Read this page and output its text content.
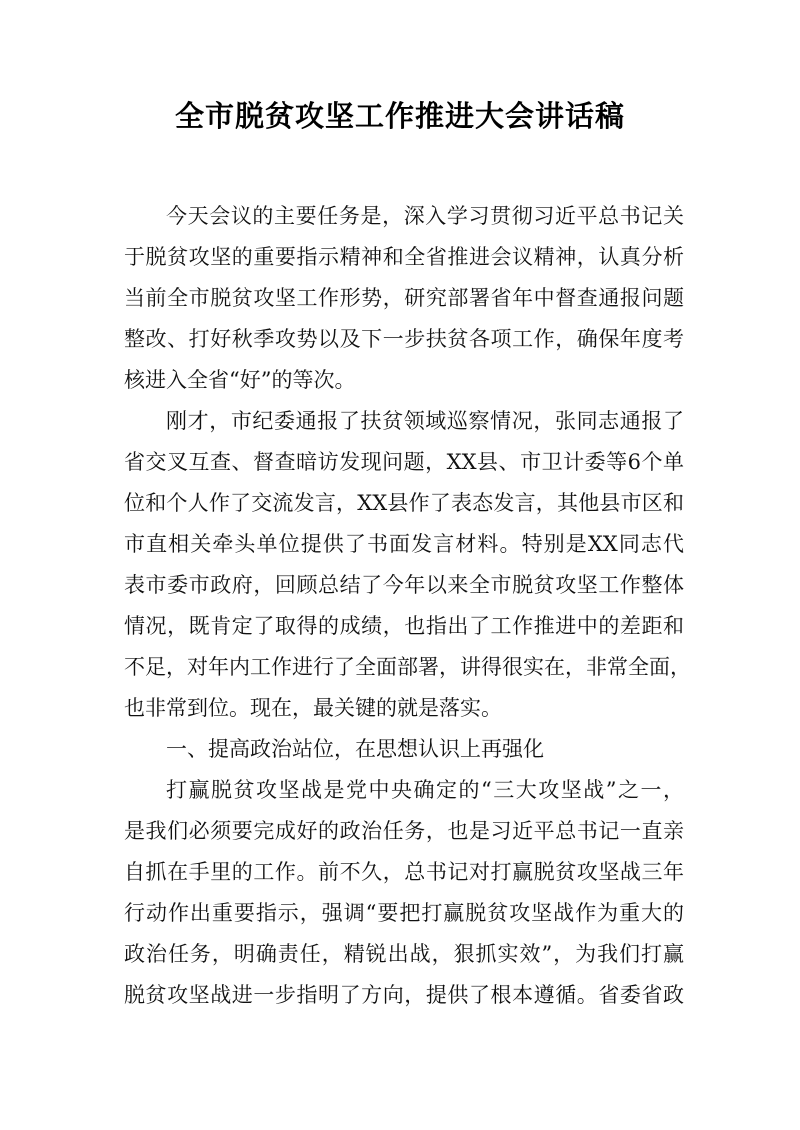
全市脱贫攻坚工作推进大会讲话稿
今天会议的主要任务是，深入学习贯彻习近平总书记关
于脱贫攻坚的重要指示精神和全省推进会议精神，认真分析
当前全市脱贫攻坚工作形势，研究部署省年中督查通报问题
整改、打好秋季攻势以及下一步扶贫各项工作，确保年度考
核进入全省“好”的等次。
刚才，市纪委通报了扶贫领域巡察情况，张同志通报了
省交叉互查、督查暗访发现问题，XX县、市卫计委等6个单
位和个人作了交流发言，XX县作了表态发言，其他县市区和
市直相关牵头单位提供了书面发言材料。特别是XX同志代
表市委市政府，回顾总结了今年以来全市脱贫攻坚工作整体
情况，既肯定了取得的成绩，也指出了工作推进中的差距和
不足，对年内工作进行了全面部署，讲得很实在，非常全面，
也非常到位。现在，最关键的就是落实。
一、提高政治站位，在思想认识上再强化
打赢脱贫攻坚战是党中央确定的“三大攻坚战”之一，
是我们必须要完成好的政治任务，也是习近平总书记一直亲
自抓在手里的工作。前不久，总书记对打赢脱贫攻坚战三年
行动作出重要指示，强调“要把打赢脱贫攻坚战作为重大的
政治任务，明确责任，精锐出战，狠抓实效”，为我们打赢
脱贫攻坚战进一步指明了方向，提供了根本遵循。省委省政
